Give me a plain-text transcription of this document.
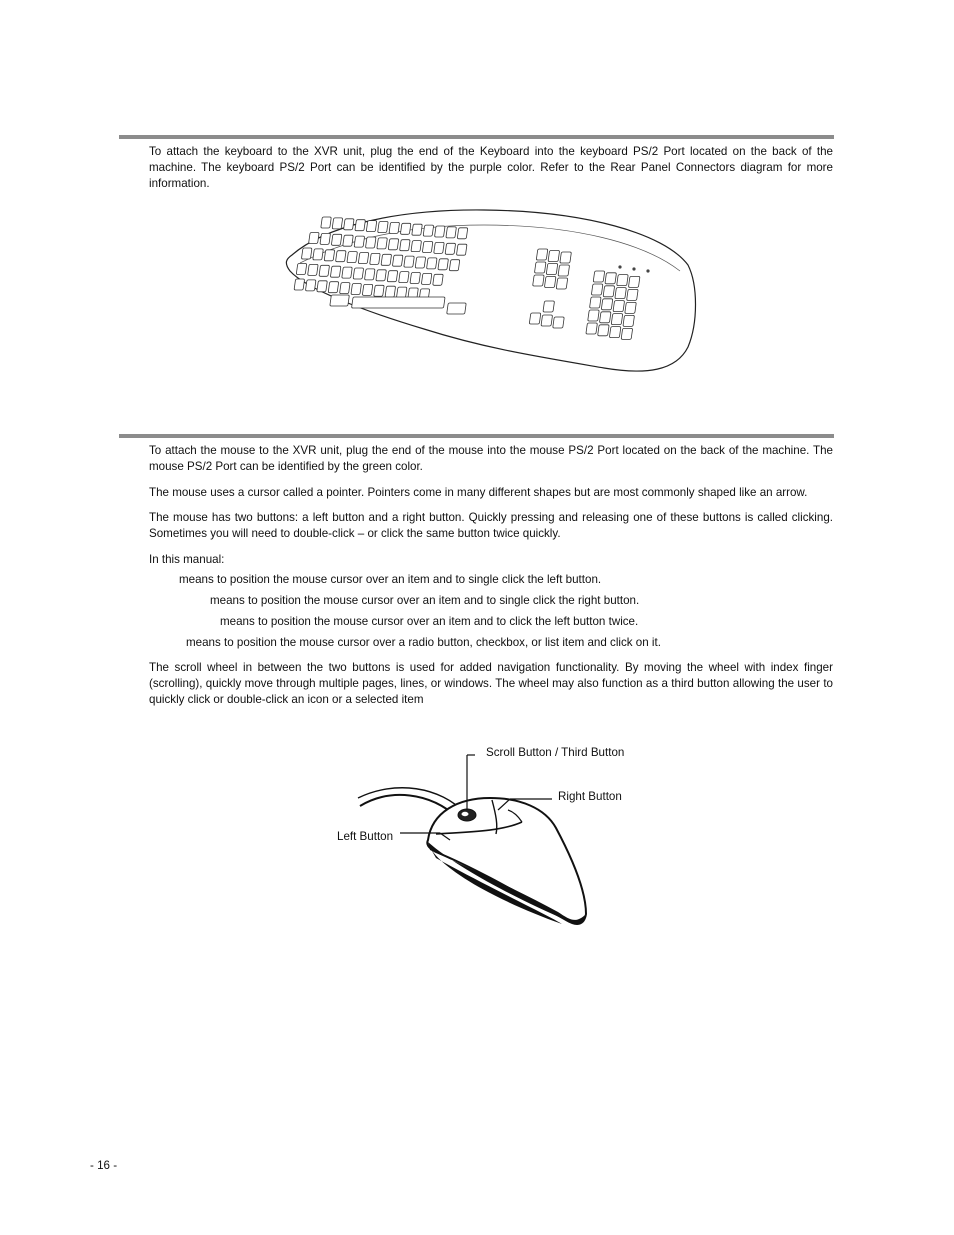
To attach the keyboard to the XVR unit, plug the end of the Keyboard into the keyboard PS/2 Port located on the back of the machine. The keyboard PS/2 Port can be identified by the purple color. Refer to the Rear Panel Connectors diagram for more information.

To attach the mouse to the XVR unit, plug the end of the mouse into the mouse PS/2 Port located on the back of the machine. The mouse PS/2 Port can be identified by the green color.

The mouse uses a cursor called a pointer. Pointers come in many different shapes but are most commonly shaped like an arrow.

The mouse has two buttons: a left button and a right button. Quickly pressing and releasing one of these buttons is called clicking. Sometimes you will need to double-click – or click the same button twice quickly.

In this manual:

means to position the mouse cursor over an item and to single click the left button.

means to position the mouse cursor over an item and to single click the right button.

means to position the mouse cursor over an item and to click the left button twice.

means to position the mouse cursor over a radio button, checkbox, or list item and click on it.

The scroll wheel in between the two buttons is used for added navigation functionality. By moving the wheel with index finger (scrolling), quickly move through multiple pages, lines, or windows. The wheel may also function as a third button allowing the user to quickly click or double-click an icon or a selected item

Scroll Button / Third Button
Right Button
Left Button
- 16 -
